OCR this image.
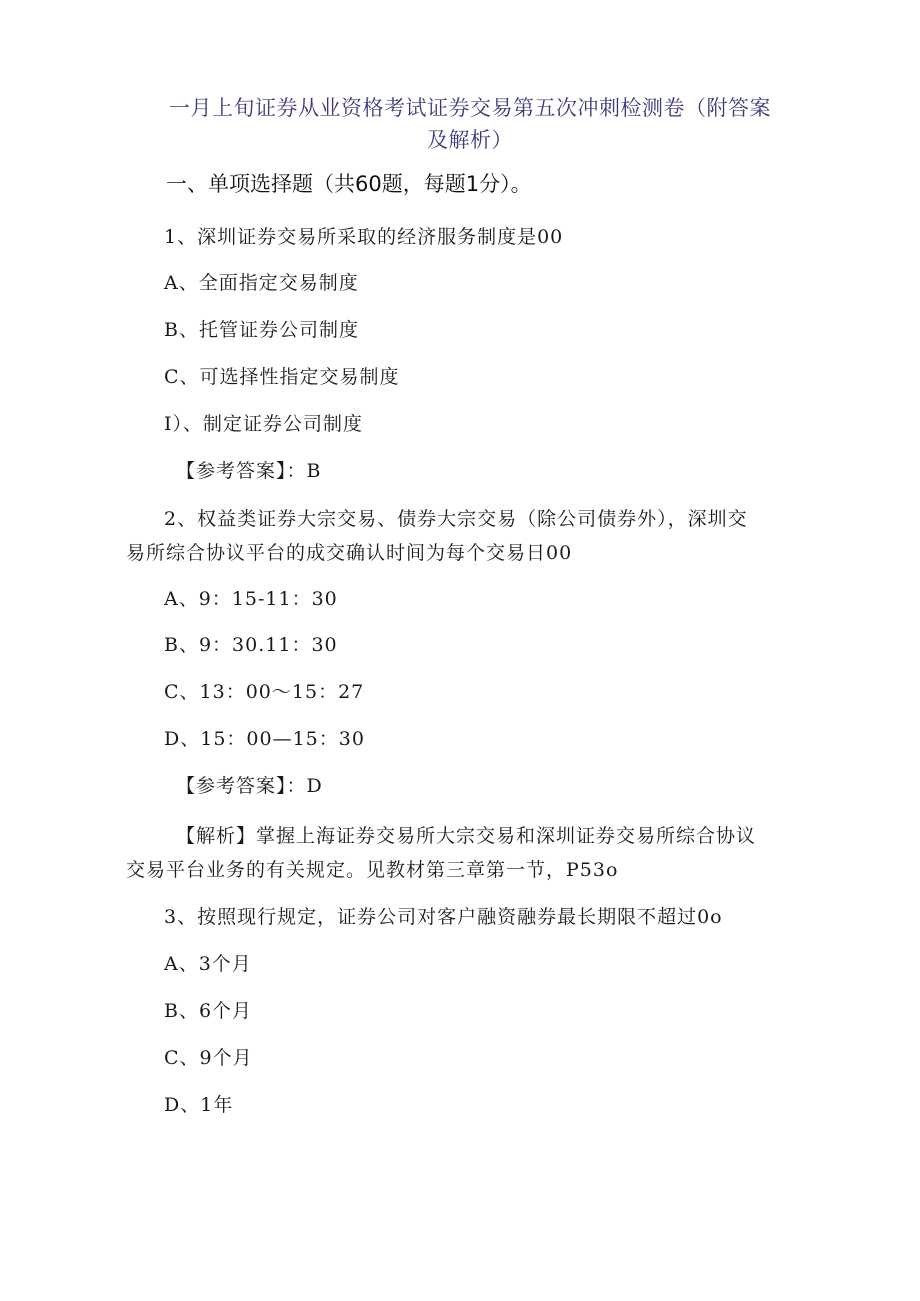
一月上旬证券从业资格考试证券交易第五次冲刺检测卷（附答案
及解析）
一、单项选择题（共60题，每题1分）。
1、深圳证券交易所采取的经济服务制度是00
A、全面指定交易制度
B、托管证券公司制度
C、可选择性指定交易制度
I）、制定证券公司制度
【参考答案】：B
2、权益类证券大宗交易、债券大宗交易（除公司债券外），深圳交
易所综合协议平台的成交确认时间为每个交易日00
A、9：15-11：30
B、9：30.11：30
C、13：00～15：27
D、15：00—15：30
【参考答案】：D
【解析】掌握上海证券交易所大宗交易和深圳证券交易所综合协议
交易平台业务的有关规定。见教材第三章第一节，P53o
3、按照现行规定，证券公司对客户融资融券最长期限不超过0o
A、3个月
B、6个月
C、9个月
D、1年
